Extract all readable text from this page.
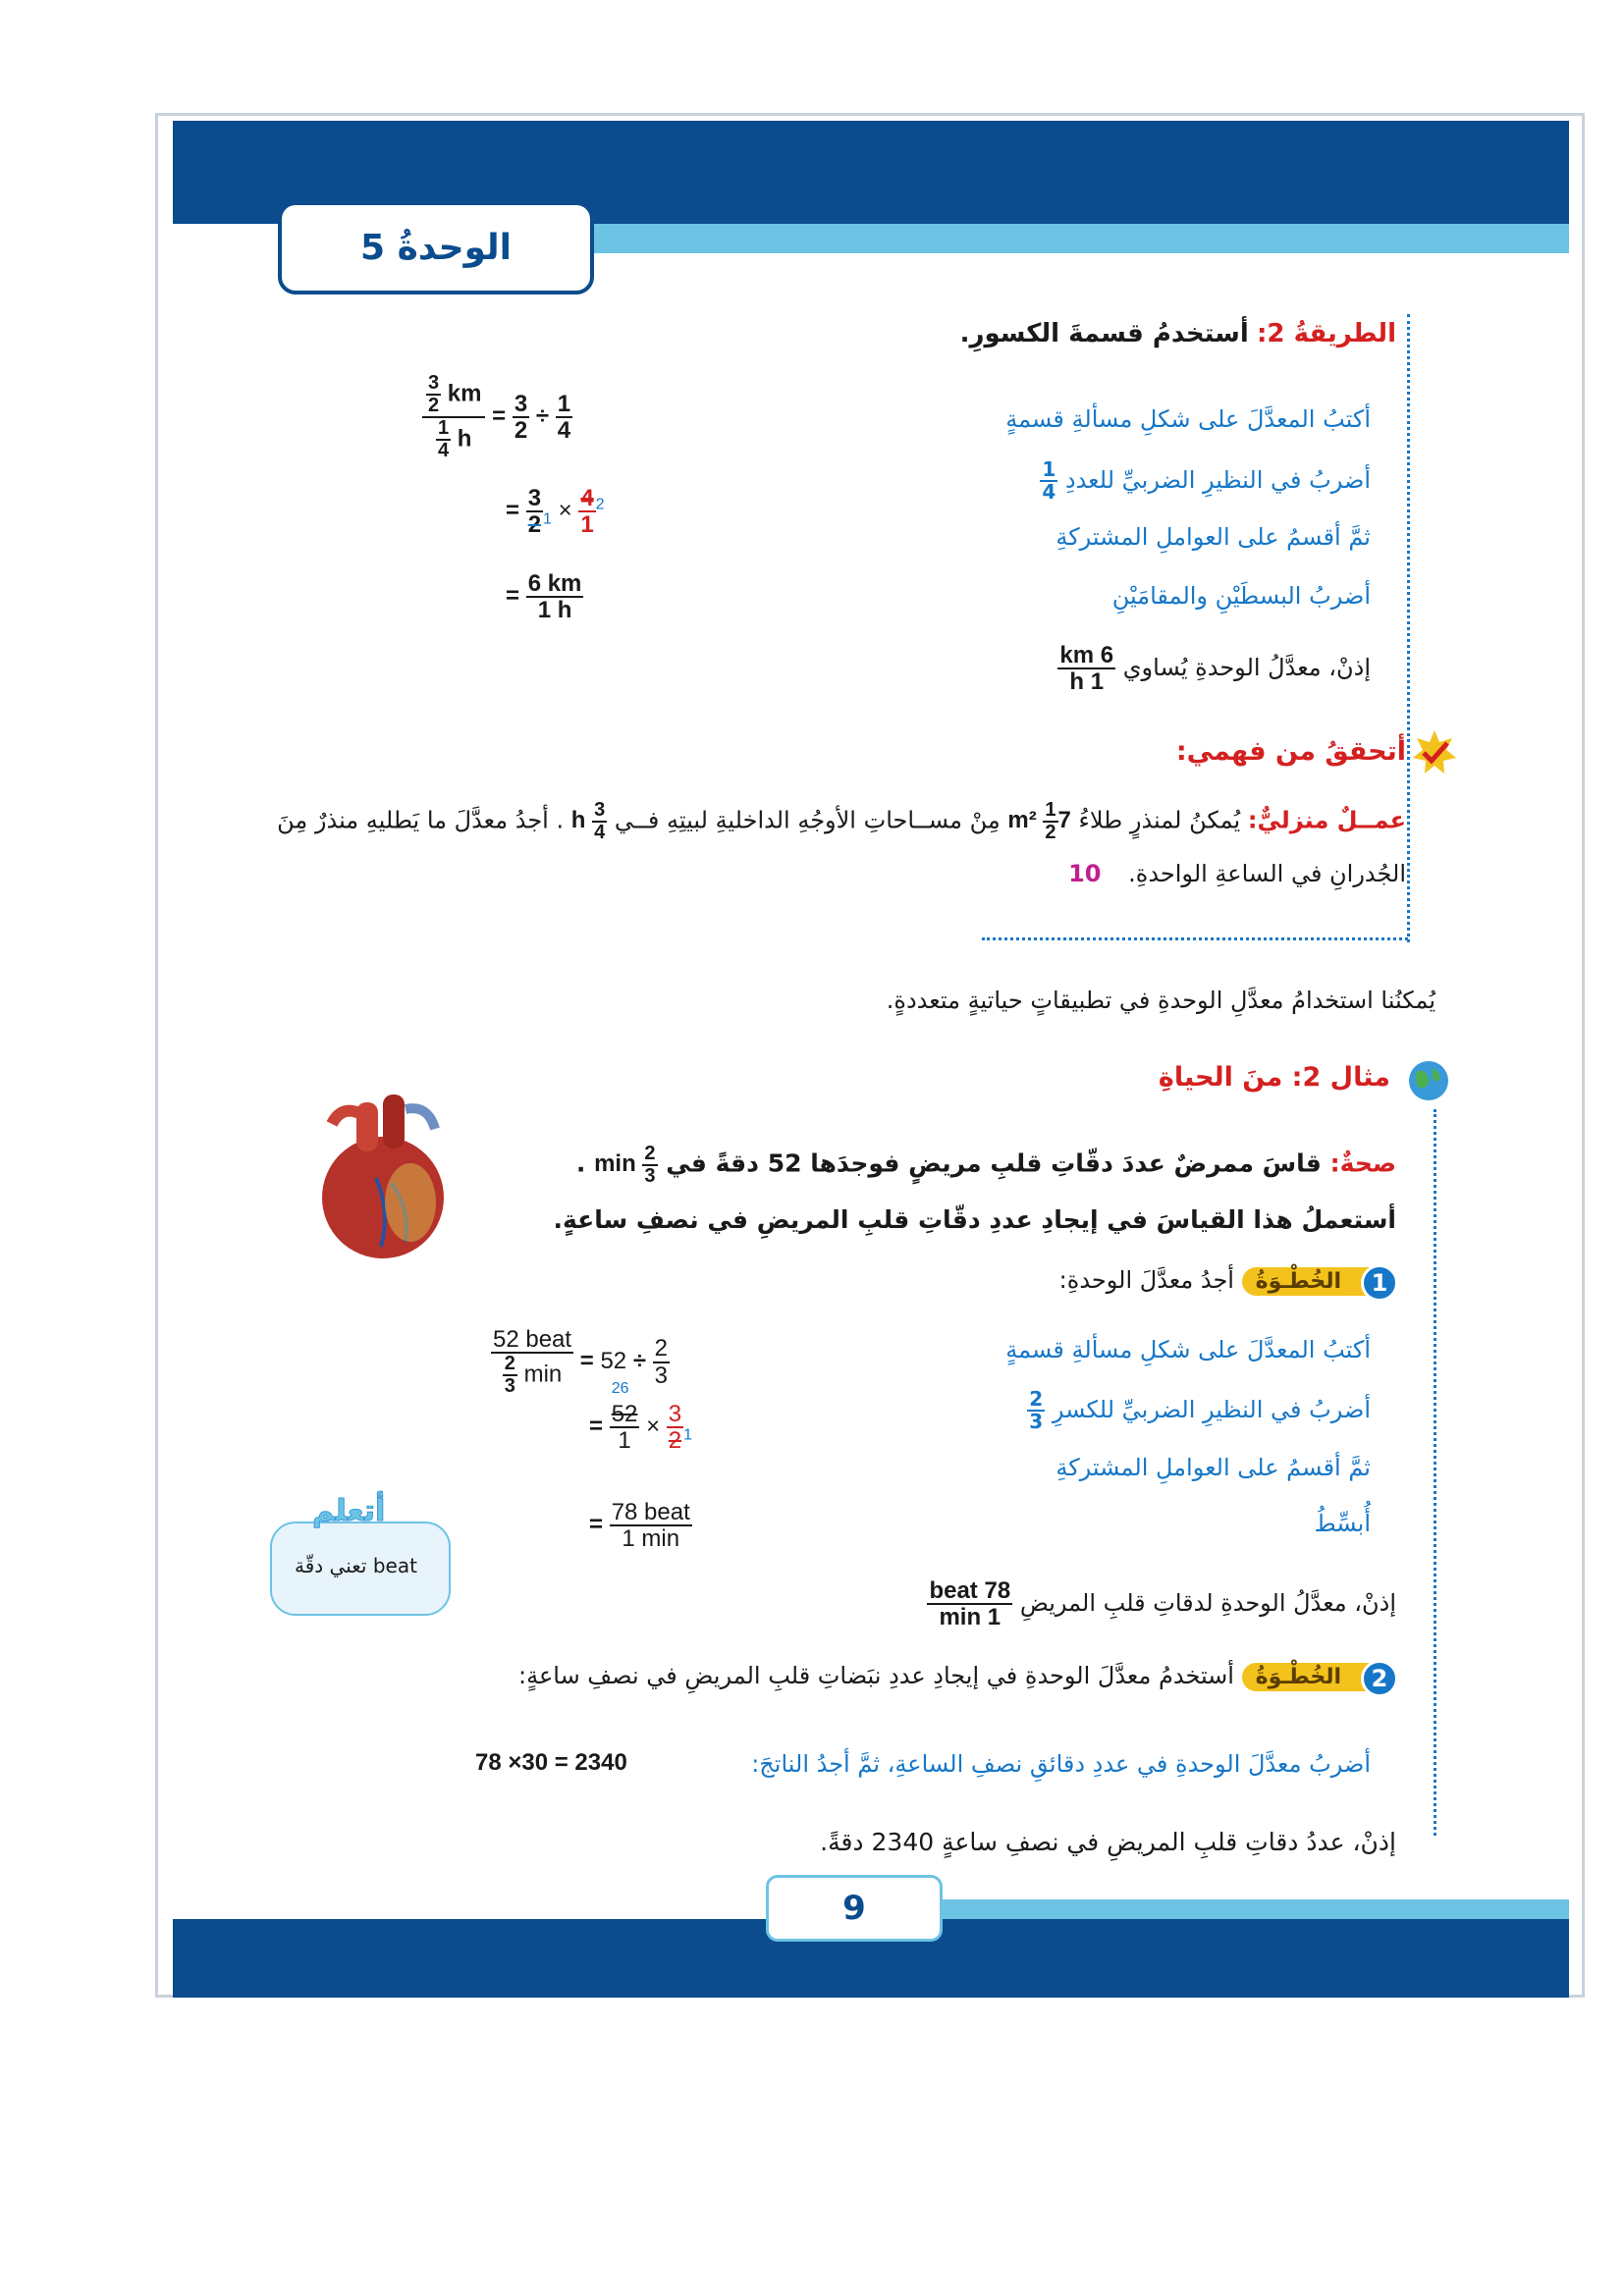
الوحدةُ 5
الطريقةُ 2: أستخدمُ قسمةَ الكسورِ.
أكتبُ المعدَّلَ على شكلِ مسألةِ قسمةٍ
أضربُ في النظيرِ الضربيِّ للعددِ
$\frac{1}{4}$
ثمَّ أقسمُ على العواملِ المشتركةِ
أضربُ البسطَيْنِ والمقامَيْنِ
إذنْ، معدَّلُ الوحدةِ يُساوي
$\frac{6 km}{1 h}$
$\frac{\frac{3}{2} km}{\frac{1}{4} h} = \frac{3}{2} \div \frac{1}{4}$
= $\frac{3}{2} _1 \times \frac{4}{1} ^2$
= $\frac{6 km}{1 h}$
أتحققُ من فهمي:
عمــلٌ منزليٌّ: يُمكنُ لمنذرٍ طلاءُ 7
$\frac{1}{2}$
m² مِنْ مســاحاتِ الأوجُهِ الداخليةِ لبيتِهِ فــي
$\frac{3}{4}$
h . أجدُ معدَّلَ ما يَطليهِ منذرٌ مِنَ
الجُدرانِ في الساعةِ الواحدةِ. 10
يُمكنُنا استخدامُ معدَّلِ الوحدةِ في تطبيقاتٍ حياتيةٍ متعددةٍ.
مثال 2: منَ الحياةِ
صحةٌ: قاسَ ممرضٌ عددَ دقّاتِ قلبِ مريضٍ فوجدَها 52 دقةً في
$\frac{2}{3}$
min .
أستعملُ هذا القياسَ في إيجادِ عددِ دقّاتِ قلبِ المريضِ في نصفِ ساعةٍ.
الخُطْـوَةُ	1
أجدُ معدَّلَ الوحدةِ:
أكتبُ المعدَّلَ على شكلِ مسألةِ قسمةٍ
أضربُ في النظيرِ الضربيِّ للكسرِ
$\frac{2}{3}$
ثمَّ أقسمُ على العواملِ المشتركةِ
أُبسِّطُ
إذنْ، معدَّلُ الوحدةِ لدقاتِ قلبِ المريضِ
$\frac{\text{78 beat}}{1 \min}$
$\frac{\text{52 beat}}{\frac{2}{3} \min} = 52 \div \frac{2}{3}$
=
26
$\frac{52}{1} \times \frac{3}{2} _1$
= $\frac{\text{78 beat}}{1 \min}$
أتعلم
beat تعني دقّة
الخُطْـوَةُ	2
أستخدمُ معدَّلَ الوحدةِ في إيجادِ عددِ نبَضاتِ قلبِ المريضِ في نصفِ ساعةٍ:
أضربُ معدَّلَ الوحدةِ في عددِ دقائقِ نصفِ الساعةِ، ثمَّ أجدُ الناتجَ:
78 ×30 = 2340
إذنْ، عددُ دقاتِ قلبِ المريضِ في نصفِ ساعةٍ 2340 دقةً.
9
